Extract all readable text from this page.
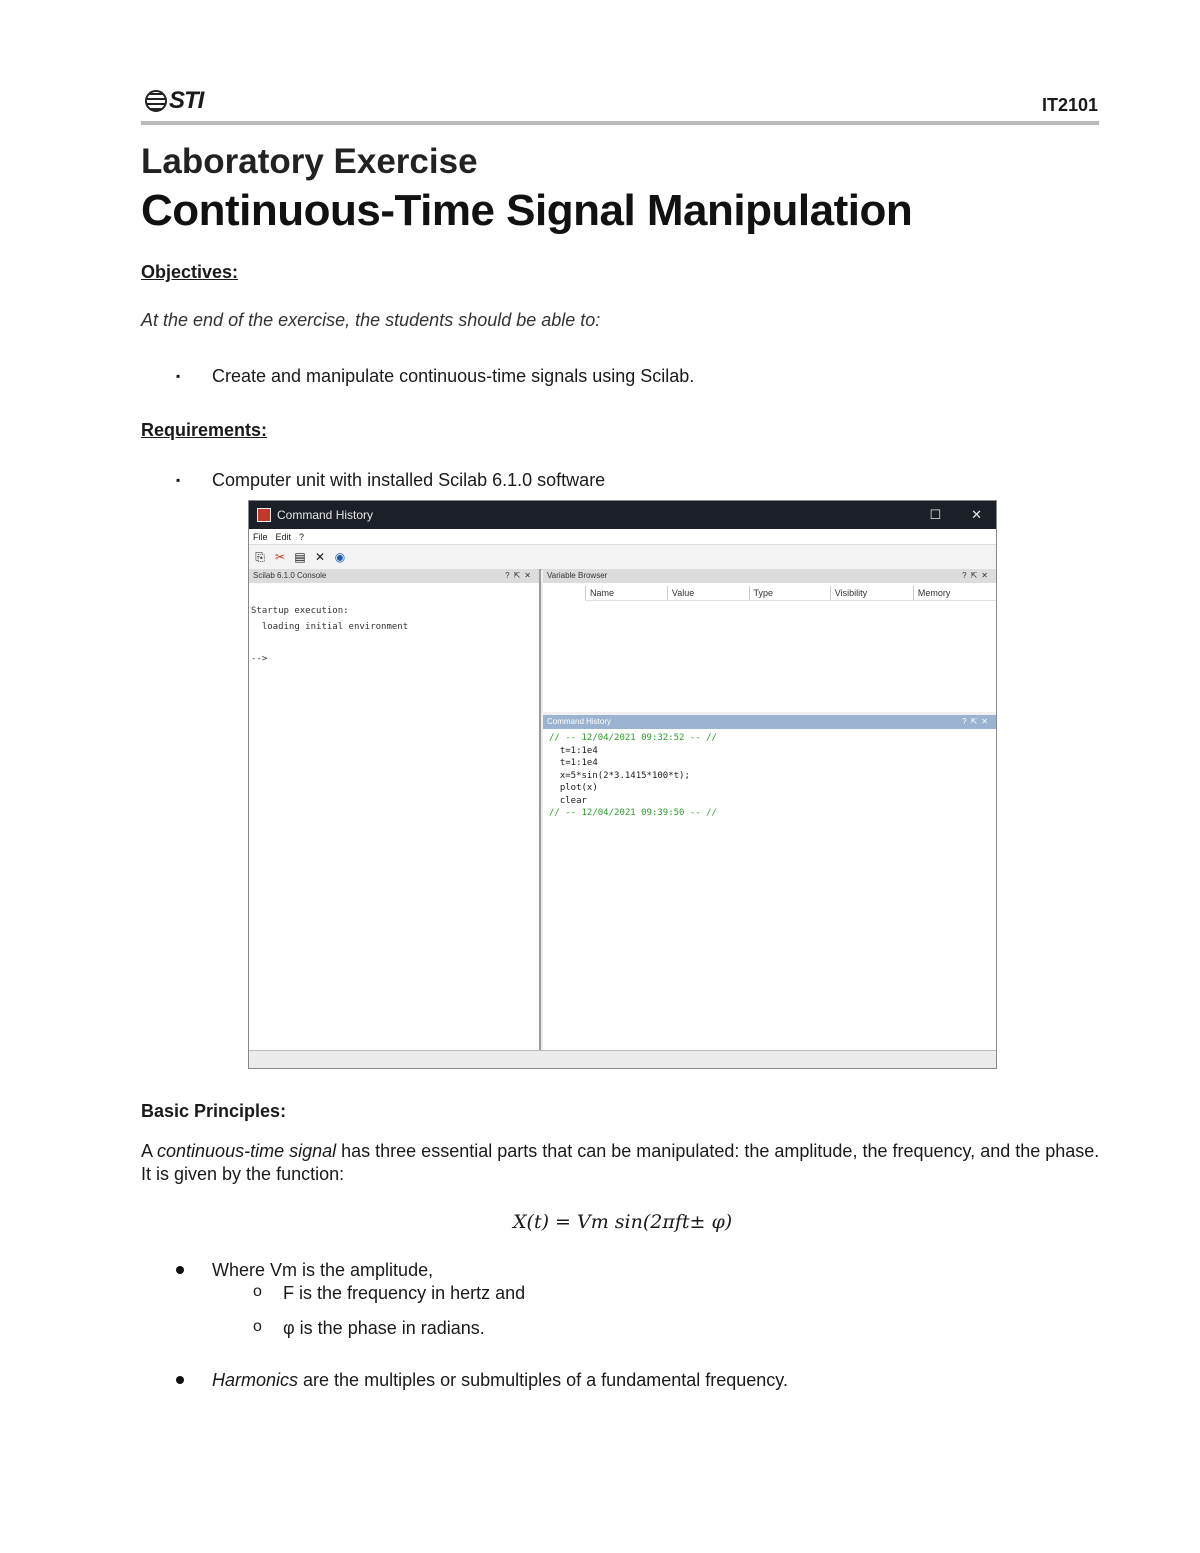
STI	IT2101
Laboratory Exercise
Continuous-Time Signal Manipulation
Objectives:
At the end of the exercise, the students should be able to:
▪ Create and manipulate continuous-time signals using Scilab.
Requirements:
▪ Computer unit with installed Scilab 6.1.0 software
Command History	☐ ✕
File Edit ?
⎘ ✂ ▤ ✕ ◉
Scilab 6.1.0 Console	?⇱✕
Startup execution:
loading initial environment
-->
Variable Browser	?⇱✕
Name	Value	Type	Visibility	Memory
Command History	?⇱✕
// -- 12/04/2021 09:32:52 -- //
t=1:1e4
t=1:1e4
x=5*sin(2*3.1415*100*t);
plot(x)
clear
// -- 12/04/2021 09:39:50 -- //
Basic Principles:
A continuous-time signal has three essential parts that can be manipulated: the amplitude, the frequency, and the phase. It is given by the function:
X(t) = Vm sin(2πft± φ)
Where Vm is the amplitude,
o F is the frequency in hertz and
o φ is the phase in radians.
Harmonics are the multiples or submultiples of a fundamental frequency.
